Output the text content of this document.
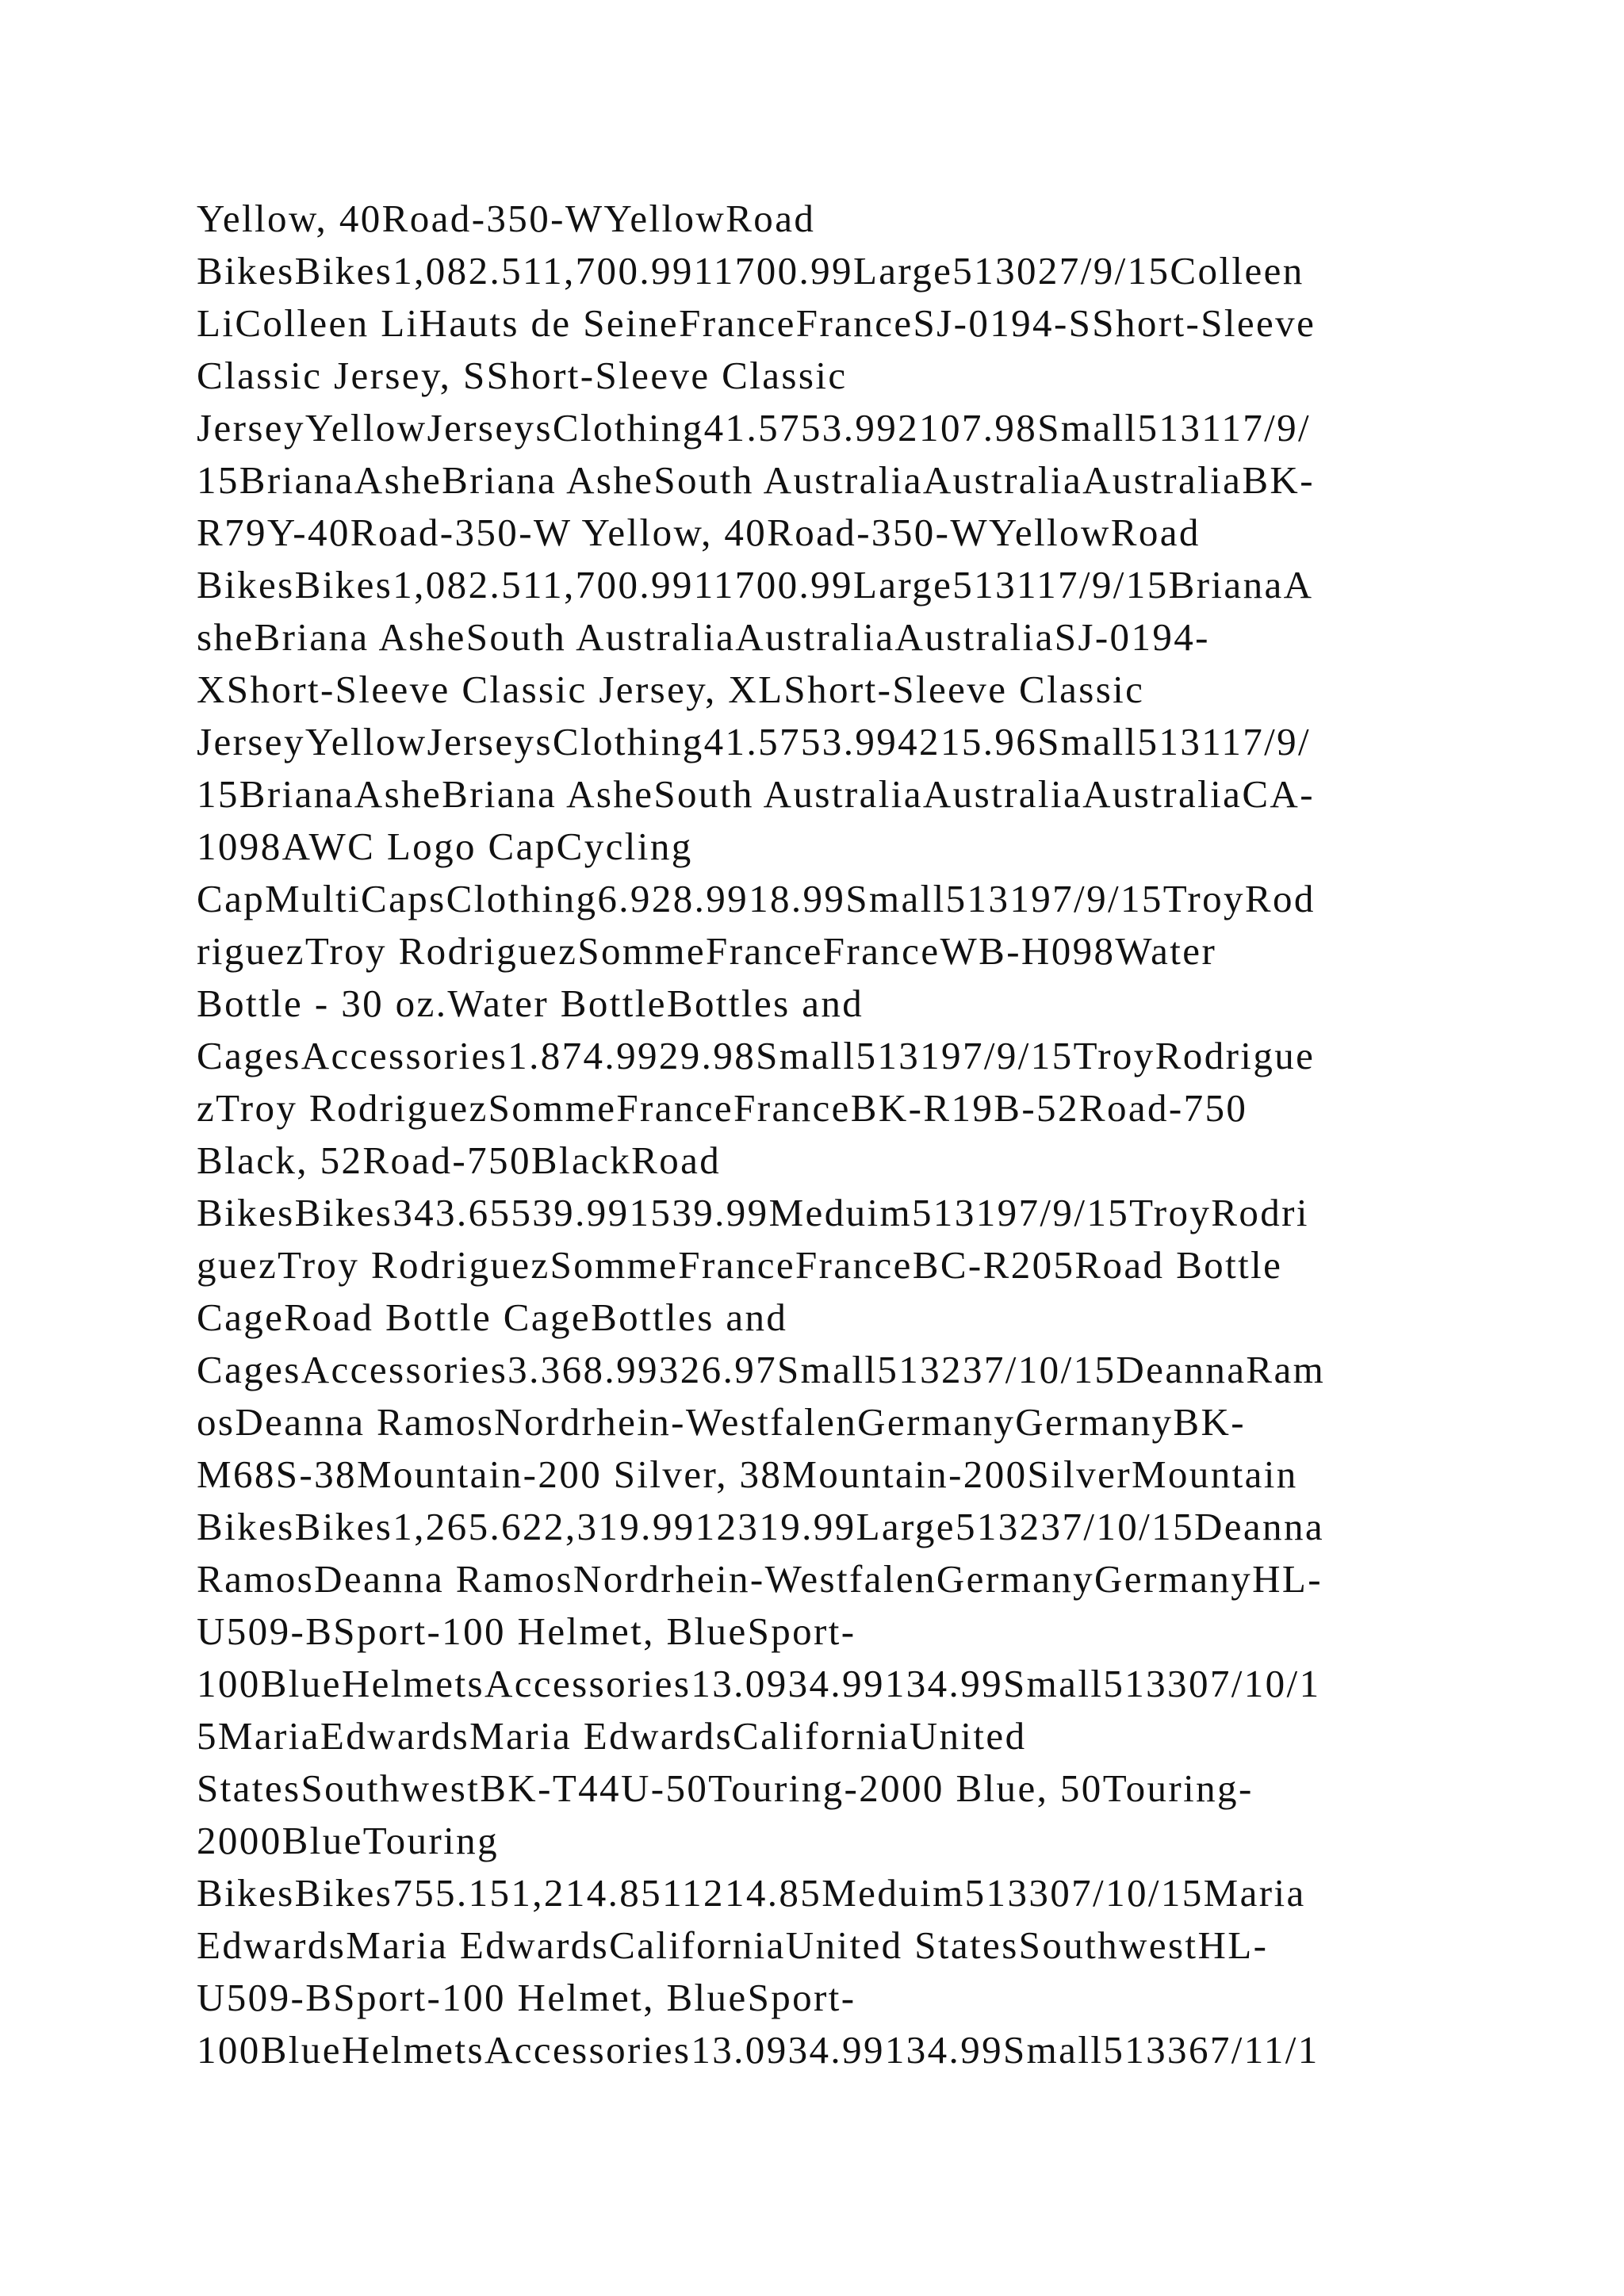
Yellow, 40Road-350-WYellowRoad
BikesBikes1,082.511,700.9911700.99Large513027/9/15Colleen
LiColleen LiHauts de SeineFranceFranceSJ-0194-SShort-Sleeve
Classic Jersey, SShort-Sleeve Classic
JerseyYellowJerseysClothing41.5753.992107.98Small513117/9/
15BrianaAsheBriana AsheSouth AustraliaAustraliaAustraliaBK-
R79Y-40Road-350-W Yellow, 40Road-350-WYellowRoad
BikesBikes1,082.511,700.9911700.99Large513117/9/15BrianaA
sheBriana AsheSouth AustraliaAustraliaAustraliaSJ-0194-
XShort-Sleeve Classic Jersey, XLShort-Sleeve Classic
JerseyYellowJerseysClothing41.5753.994215.96Small513117/9/
15BrianaAsheBriana AsheSouth AustraliaAustraliaAustraliaCA-
1098AWC Logo CapCycling
CapMultiCapsClothing6.928.9918.99Small513197/9/15TroyRod
riguezTroy RodriguezSommeFranceFranceWB-H098Water
Bottle - 30 oz.Water BottleBottles and
CagesAccessories1.874.9929.98Small513197/9/15TroyRodrigue
zTroy RodriguezSommeFranceFranceBK-R19B-52Road-750
Black, 52Road-750BlackRoad
BikesBikes343.65539.991539.99Meduim513197/9/15TroyRodri
guezTroy RodriguezSommeFranceFranceBC-R205Road Bottle
CageRoad Bottle CageBottles and
CagesAccessories3.368.99326.97Small513237/10/15DeannaRam
osDeanna RamosNordrhein-WestfalenGermanyGermanyBK-
M68S-38Mountain-200 Silver, 38Mountain-200SilverMountain
BikesBikes1,265.622,319.9912319.99Large513237/10/15Deanna
RamosDeanna RamosNordrhein-WestfalenGermanyGermanyHL-
U509-BSport-100 Helmet, BlueSport-
100BlueHelmetsAccessories13.0934.99134.99Small513307/10/1
5MariaEdwardsMaria EdwardsCaliforniaUnited
StatesSouthwestBK-T44U-50Touring-2000 Blue, 50Touring-
2000BlueTouring
BikesBikes755.151,214.8511214.85Meduim513307/10/15Maria
EdwardsMaria EdwardsCaliforniaUnited StatesSouthwestHL-
U509-BSport-100 Helmet, BlueSport-
100BlueHelmetsAccessories13.0934.99134.99Small513367/11/1
